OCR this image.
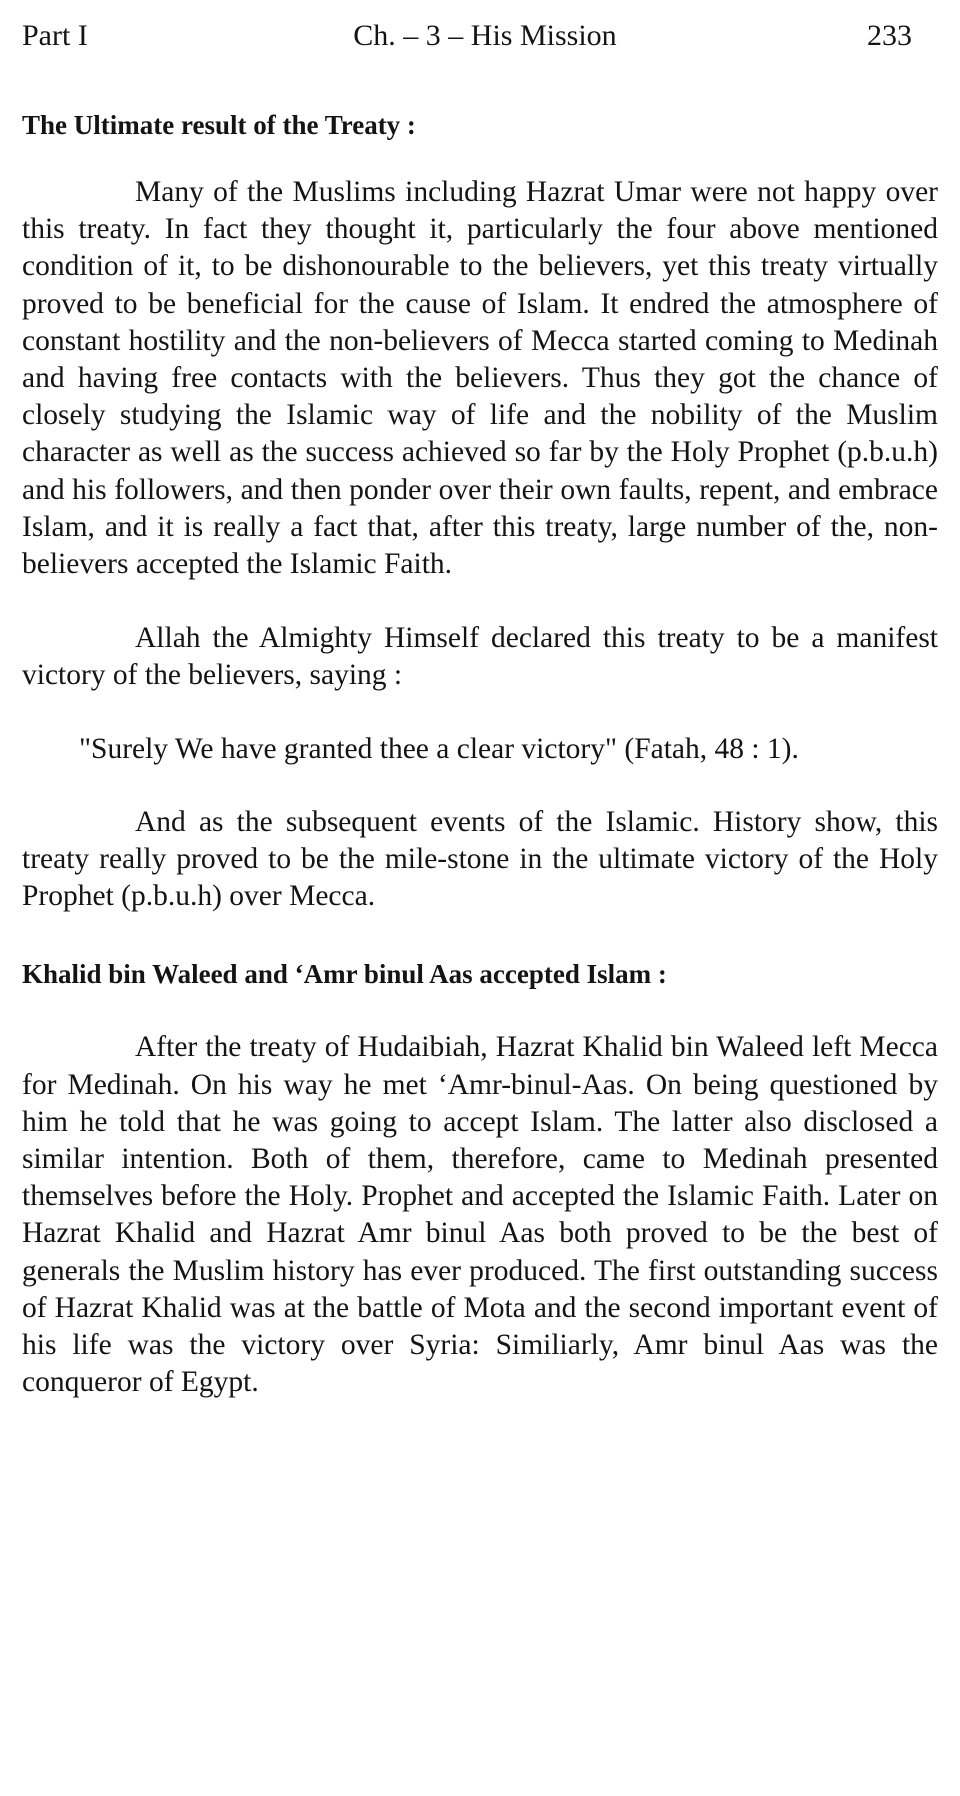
Part I	Ch. – 3 – His Mission	233
The Ultimate result of the Treaty :

Many of the Muslims including Hazrat Umar were not happy over this treaty. In fact they thought it, particularly the four above mentioned condition of it, to be dishonourable to the believers, yet this treaty virtually proved to be beneficial for the cause of Islam. It endred the atmosphere of constant hostility and the non-believers of Mecca started coming to Medinah and having free contacts with the believers. Thus they got the chance of closely studying the Islamic way of life and the nobility of the Muslim character as well as the success achieved so far by the Holy Prophet (p.b.u.h) and his followers, and then ponder over their own faults, repent, and embrace Islam, and it is really a fact that, after this treaty, large number of the, non-believers accepted the Islamic Faith.

Allah the Almighty Himself declared this treaty to be a manifest victory of the believers, saying :

"Surely We have granted thee a clear victory" (Fatah, 48 : 1).

And as the subsequent events of the Islamic. History show, this treaty really proved to be the mile-stone in the ultimate victory of the Holy Prophet (p.b.u.h) over Mecca.

Khalid bin Waleed and ‘Amr binul Aas accepted Islam :

After the treaty of Hudaibiah, Hazrat Khalid bin Waleed left Mecca for Medinah. On his way he met ‘Amr-binul-Aas. On being questioned by him he told that he was going to accept Islam. The latter also disclosed a similar intention. Both of them, therefore, came to Medinah presented themselves before the Holy. Prophet and accepted the Islamic Faith. Later on Hazrat Khalid and Hazrat Amr binul Aas both proved to be the best of generals the Muslim history has ever produced. The first outstanding success of Hazrat Khalid was at the battle of Mota and the second important event of his life was the victory over Syria: Similiarly, Amr binul Aas was the conqueror of Egypt.
